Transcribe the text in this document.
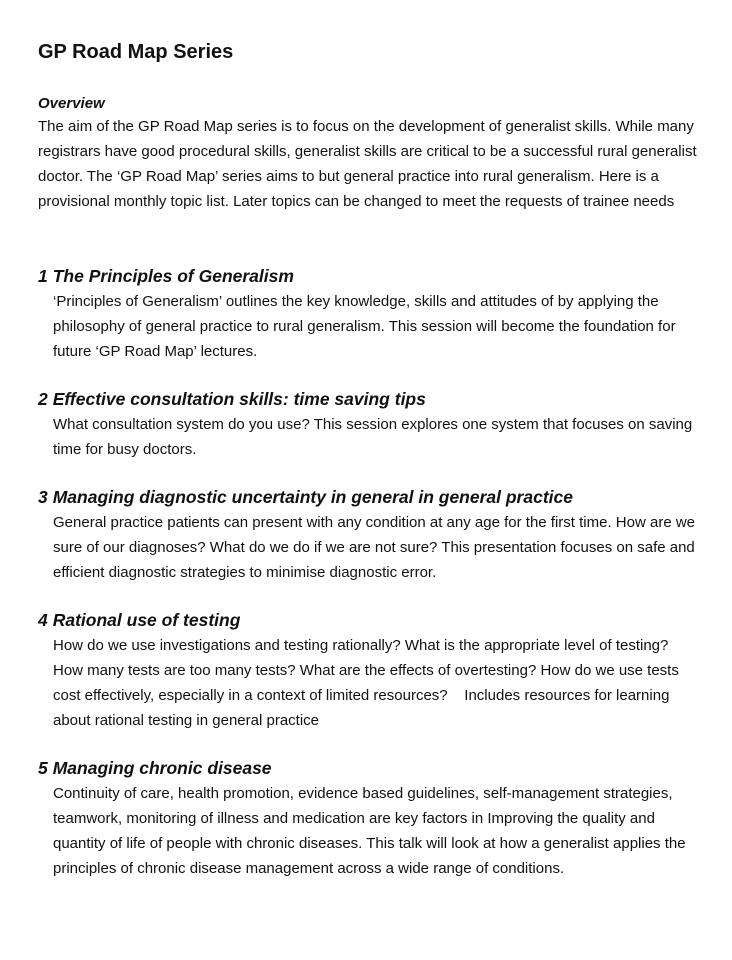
GP Road Map Series
Overview

The aim of the GP Road Map series is to focus on the development of generalist skills. While many registrars have good procedural skills, generalist skills are critical to be a successful rural generalist doctor. The ‘GP Road Map’ series aims to but general practice into rural generalism. Here is a provisional monthly topic list. Later topics can be changed to meet the requests of trainee needs

1 The Principles of Generalism

‘Principles of Generalism’ outlines the key knowledge, skills and attitudes of by applying the philosophy of general practice to rural generalism. This session will become the foundation for future ‘GP Road Map’ lectures.

2 Effective consultation skills: time saving tips

What consultation system do you use? This session explores one system that focuses on saving time for busy doctors.

3 Managing diagnostic uncertainty in general in general practice

General practice patients can present with any condition at any age for the first time. How are we sure of our diagnoses? What do we do if we are not sure? This presentation focuses on safe and efficient diagnostic strategies to minimise diagnostic error.

4 Rational use of testing

How do we use investigations and testing rationally? What is the appropriate level of testing? How many tests are too many tests? What are the effects of overtesting? How do we use tests cost effectively, especially in a context of limited resources?    Includes resources for learning about rational testing in general practice

5 Managing chronic disease

Continuity of care, health promotion, evidence based guidelines, self-management strategies, teamwork, monitoring of illness and medication are key factors in Improving the quality and quantity of life of people with chronic diseases. This talk will look at how a generalist applies the principles of chronic disease management across a wide range of conditions.
